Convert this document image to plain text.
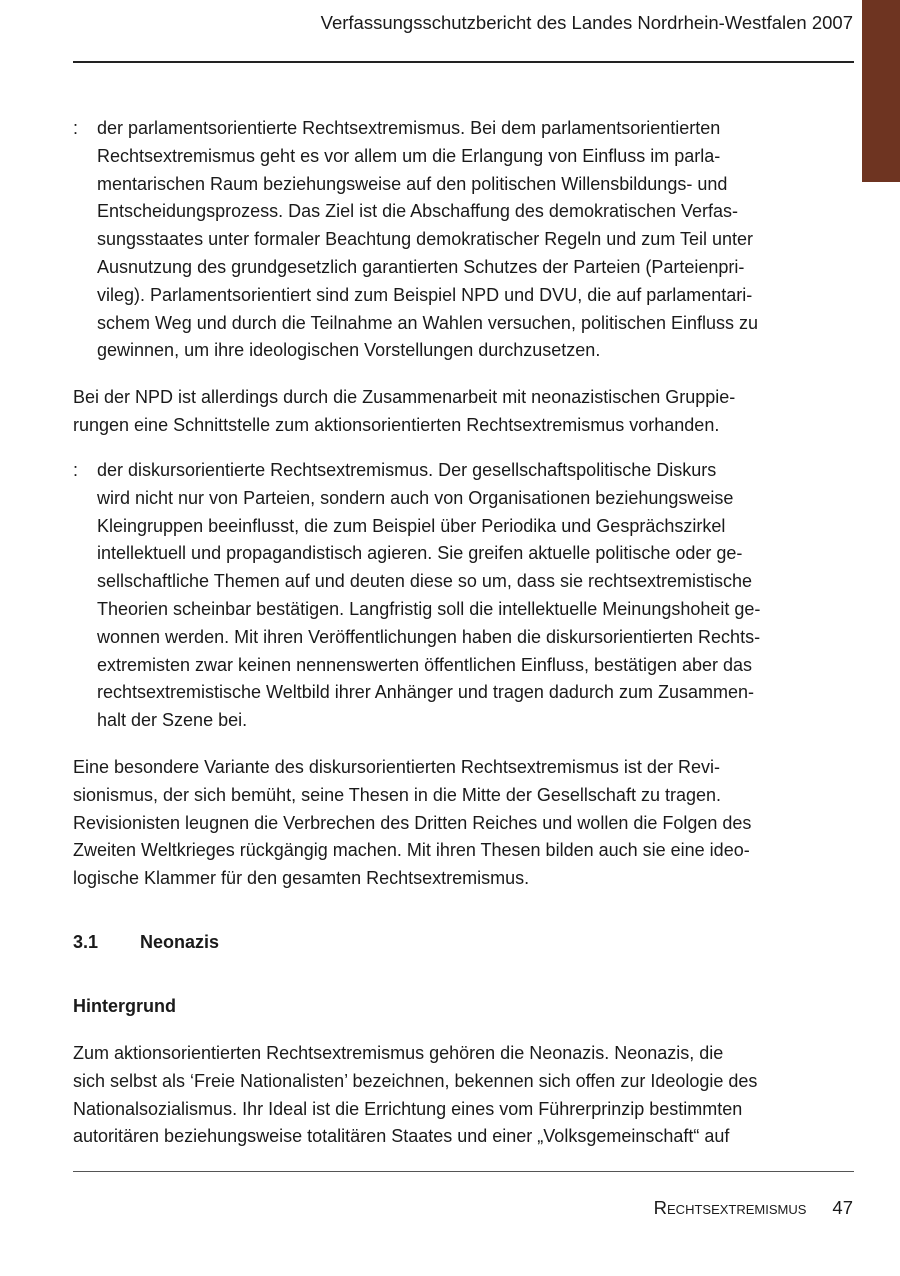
Verfassungsschutzbericht des Landes Nordrhein-Westfalen 2007
: der parlamentsorientierte Rechtsextremismus. Bei dem parlamentsorientierten
Rechtsextremismus geht es vor allem um die Erlangung von Einfluss im parla-
mentarischen Raum beziehungsweise auf den politischen Willensbildungs- und
Entscheidungsprozess. Das Ziel ist die Abschaffung des demokratischen Verfas-
sungsstaates unter formaler Beachtung demokratischer Regeln und zum Teil unter
Ausnutzung des grundgesetzlich garantierten Schutzes der Parteien (Parteienpri-
vileg). Parlamentsorientiert sind zum Beispiel NPD und DVU, die auf parlamentari-
schem Weg und durch die Teilnahme an Wahlen versuchen, politischen Einfluss zu
gewinnen, um ihre ideologischen Vorstellungen durchzusetzen.
Bei der NPD ist allerdings durch die Zusammenarbeit mit neonazistischen Gruppie-
rungen eine Schnittstelle zum aktionsorientierten Rechtsextremismus vorhanden.
: der diskursorientierte Rechtsextremismus. Der gesellschaftspolitische Diskurs
wird nicht nur von Parteien, sondern auch von Organisationen beziehungsweise
Kleingruppen beeinflusst, die zum Beispiel über Periodika und Gesprächszirkel
intellektuell und propagandistisch agieren. Sie greifen aktuelle politische oder ge-
sellschaftliche Themen auf und deuten diese so um, dass sie rechtsextremistische
Theorien scheinbar bestätigen. Langfristig soll die intellektuelle Meinungshoheit ge-
wonnen werden. Mit ihren Veröffentlichungen haben die diskursorientierten Rechts-
extremisten zwar keinen nennenswerten öffentlichen Einfluss, bestätigen aber das
rechtsextremistische Weltbild ihrer Anhänger und tragen dadurch zum Zusammen-
halt der Szene bei.
Eine besondere Variante des diskursorientierten Rechtsextremismus ist der Revi-
sionismus, der sich bemüht, seine Thesen in die Mitte der Gesellschaft zu tragen.
Revisionisten leugnen die Verbrechen des Dritten Reiches und wollen die Folgen des
Zweiten Weltkrieges rückgängig machen. Mit ihren Thesen bilden auch sie eine ideo-
logische Klammer für den gesamten Rechtsextremismus.
3.1 Neonazis
Hintergrund
Zum aktionsorientierten Rechtsextremismus gehören die Neonazis. Neonazis, die
sich selbst als ‘Freie Nationalisten’ bezeichnen, bekennen sich offen zur Ideologie des
Nationalsozialismus. Ihr Ideal ist die Errichtung eines vom Führerprinzip bestimmten
autoritären beziehungsweise totalitären Staates und einer „Volksgemeinschaft“ auf
Rechtsextremismus 47
